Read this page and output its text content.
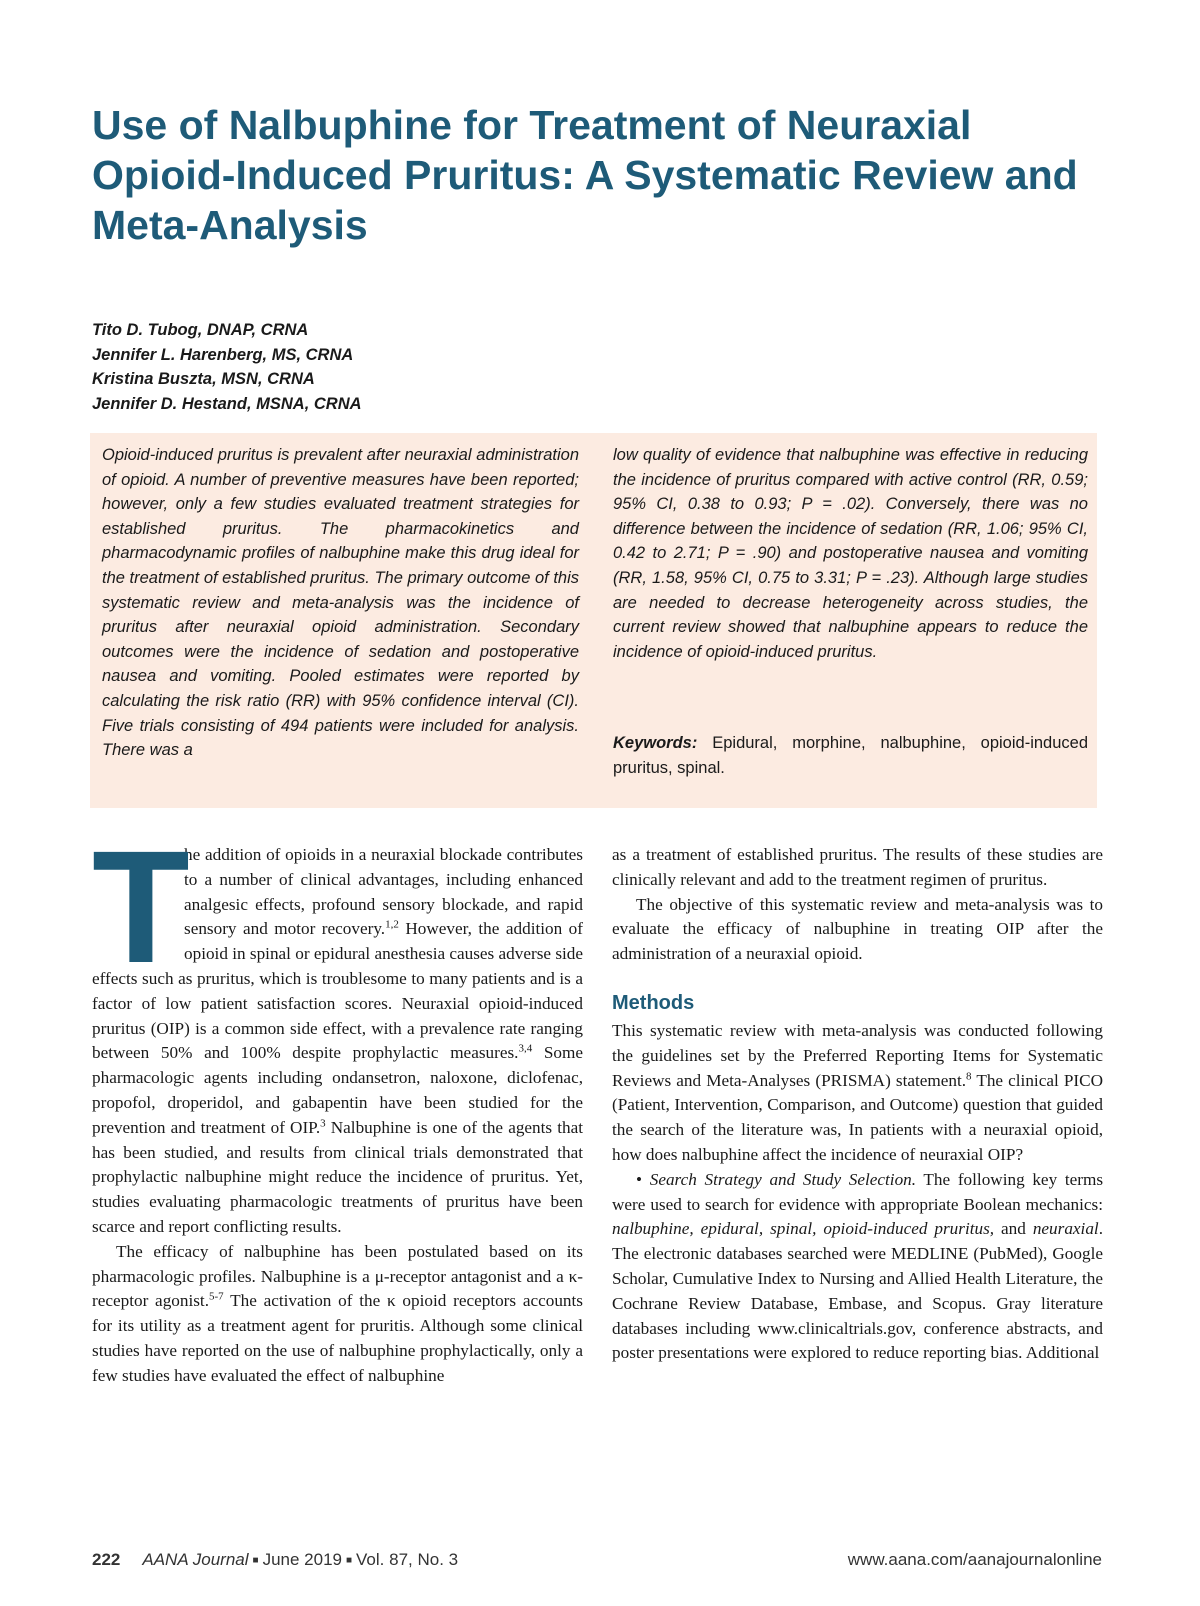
Use of Nalbuphine for Treatment of Neuraxial Opioid-Induced Pruritus: A Systematic Review and Meta-Analysis
Tito D. Tubog, DNAP, CRNA
Jennifer L. Harenberg, MS, CRNA
Kristina Buszta, MSN, CRNA
Jennifer D. Hestand, MSNA, CRNA

Opioid-induced pruritus is prevalent after neuraxial administration of opioid. A number of preventive measures have been reported; however, only a few studies evaluated treatment strategies for established pruritus. The pharmacokinetics and pharmacodynamic profiles of nalbuphine make this drug ideal for the treatment of established pruritus. The primary outcome of this systematic review and meta-analysis was the incidence of pruritus after neuraxial opioid administration. Secondary outcomes were the incidence of sedation and postoperative nausea and vomiting. Pooled estimates were reported by calculating the risk ratio (RR) with 95% confidence interval (CI). Five trials consisting of 494 patients were included for analysis. There was a

low quality of evidence that nalbuphine was effective in reducing the incidence of pruritus compared with active control (RR, 0.59; 95% CI, 0.38 to 0.93; P = .02). Conversely, there was no difference between the incidence of sedation (RR, 1.06; 95% CI, 0.42 to 2.71; P = .90) and postoperative nausea and vomiting (RR, 1.58, 95% CI, 0.75 to 3.31; P = .23). Although large studies are needed to decrease heterogeneity across studies, the current review showed that nalbuphine appears to reduce the incidence of opioid-induced pruritus.

Keywords: Epidural, morphine, nalbuphine, opioid-induced pruritus, spinal.

T
he addition of opioids in a neuraxial blockade contributes to a number of clinical advantages, including enhanced analgesic effects, profound sensory blockade, and rapid sensory and motor recovery.$^{1,2}$ However, the addition of opioid in spinal or epidural anesthesia causes adverse side effects such as pruritus, which is troublesome to many patients and is a factor of low patient satisfaction scores. Neuraxial opioid-induced pruritus (OIP) is a common side effect, with a prevalence rate ranging between 50% and 100% despite prophylactic measures.$^{3,4}$ Some pharmacologic agents including ondansetron, naloxone, diclofenac, propofol, droperidol, and gabapentin have been studied for the prevention and treatment of OIP.$^3$ Nalbuphine is one of the agents that has been studied, and results from clinical trials demonstrated that prophylactic nalbuphine might reduce the incidence of pruritus. Yet, studies evaluating pharmacologic treatments of pruritus have been scarce and report conflicting results.

The efficacy of nalbuphine has been postulated based on its pharmacologic profiles. Nalbuphine is a μ-receptor antagonist and a κ-receptor agonist.$^{5-7}$ The activation of the κ opioid receptors accounts for its utility as a treatment agent for pruritis. Although some clinical studies have reported on the use of nalbuphine prophylactically, only a few studies have evaluated the effect of nalbuphine

as a treatment of established pruritus. The results of these studies are clinically relevant and add to the treatment regimen of pruritus.

The objective of this systematic review and meta-analysis was to evaluate the efficacy of nalbuphine in treating OIP after the administration of a neuraxial opioid.

Methods

This systematic review with meta-analysis was conducted following the guidelines set by the Preferred Reporting Items for Systematic Reviews and Meta-Analyses (PRISMA) statement.$^8$ The clinical PICO (Patient, Intervention, Comparison, and Outcome) question that guided the search of the literature was, In patients with a neuraxial opioid, how does nalbuphine affect the incidence of neuraxial OIP?

• Search Strategy and Study Selection. The following key terms were used to search for evidence with appropriate Boolean mechanics: nalbuphine, epidural, spinal, opioid-induced pruritus, and neuraxial. The electronic databases searched were MEDLINE (PubMed), Google Scholar, Cumulative Index to Nursing and Allied Health Literature, the Cochrane Review Database, Embase, and Scopus. Gray literature databases including www.clinicaltrials.gov, conference abstracts, and poster presentations were explored to reduce reporting bias. Additional

222 AANA Journal ■ June 2019 ■ Vol. 87, No. 3	www.aana.com/aanajournalonline
